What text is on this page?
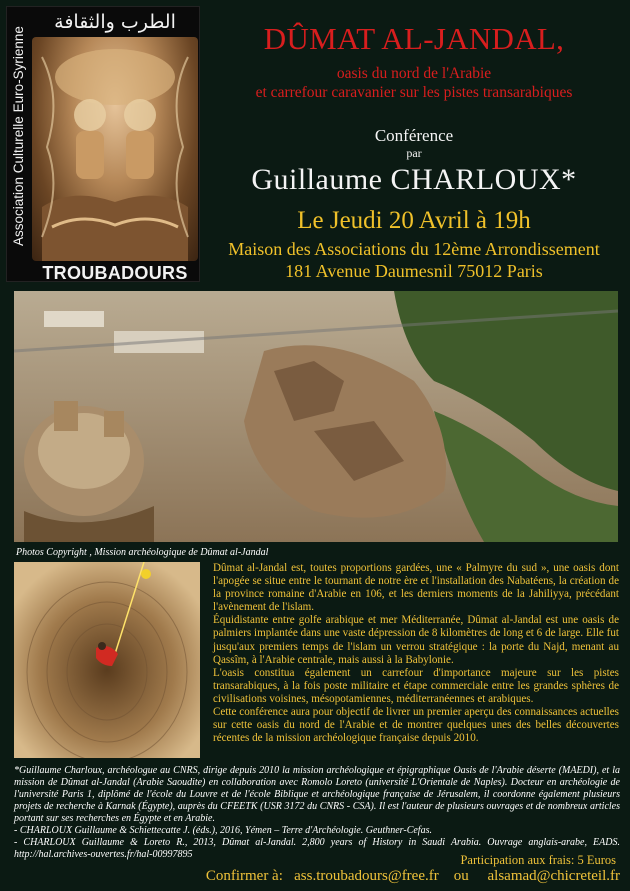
الطرب والثقافة
Association Culturelle Euro-Syrienne
TROUBADOURS
DÛMAT AL-JANDAL,
oasis du nord de l'Arabie
et carrefour caravanier sur les pistes transarabiques
Conférence
par
Guillaume CHARLOUX*
Le Jeudi 20 Avril à 19h
Maison des Associations du 12ème Arrondissement
181 Avenue Daumesnil 75012 Paris
Photos Copyright , Mission archéologique de Dûmat al-Jandal

Dûmat al-Jandal est, toutes proportions gardées, une « Palmyre du sud », une oasis dont l'apogée se situe entre le tournant de notre ère et l'installation des Nabatéens, la création de la province romaine d'Arabie en 106, et les derniers moments de la Jahiliyya, précédant l'avènement de l'islam.

Équidistante entre golfe arabique et mer Méditerranée, Dûmat al-Jandal est une oasis de palmiers implantée dans une vaste dépression de 8 kilomètres de long et 6 de large. Elle fut jusqu'aux premiers temps de l'islam un verrou stratégique : la porte du Najd, menant au Qassîm, à l'Arabie centrale, mais aussi à la Babylonie.

L'oasis constitua également un carrefour d'importance majeure sur les pistes transarabiques, à la fois poste militaire et étape commerciale entre les grandes sphères de civilisations voisines, mésopotamiennes, méditerranéennes et arabiques.

Cette conférence aura pour objectif de livrer un premier aperçu des connaissances actuelles sur cette oasis du nord de l'Arabie et de montrer quelques unes des belles découvertes récentes de la mission archéologique française depuis 2010.

*Guillaume Charloux, archéologue au CNRS, dirige depuis 2010 la mission archéologique et épigraphique Oasis de l'Arabie déserte (MAEDI), et la mission de Dûmat al-Jandal (Arabie Saoudite) en collaboration avec Romolo Loreto (université L'Orientale de Naples). Docteur en archéologie de l'université Paris 1, diplômé de l'école du Louvre et de l'école Biblique et archéologique française de Jérusalem, il coordonne également plusieurs projets de recherche à Karnak (Égypte), auprès du CFEETK (USR 3172 du CNRS - CSA). Il est l'auteur de plusieurs ouvrages et de nombreux articles portant sur ses recherches en Égypte et en Arabie.

- CHARLOUX Guillaume & Schiettecatte J. (éds.), 2016, Yémen – Terre d'Archéologie. Geuthner-Cefas.

- CHARLOUX Guillaume & Loreto R., 2013, Dûmat al-Jandal. 2,800 years of History in Saudi Arabia. Ouvrage anglais-arabe, EADS. http://hal.archives-ouvertes.fr/hal-00997895	Participation aux frais: 5 Euros
Confirmer à: ass.troubadours@free.fr ou alsamad@chicreteil.fr
